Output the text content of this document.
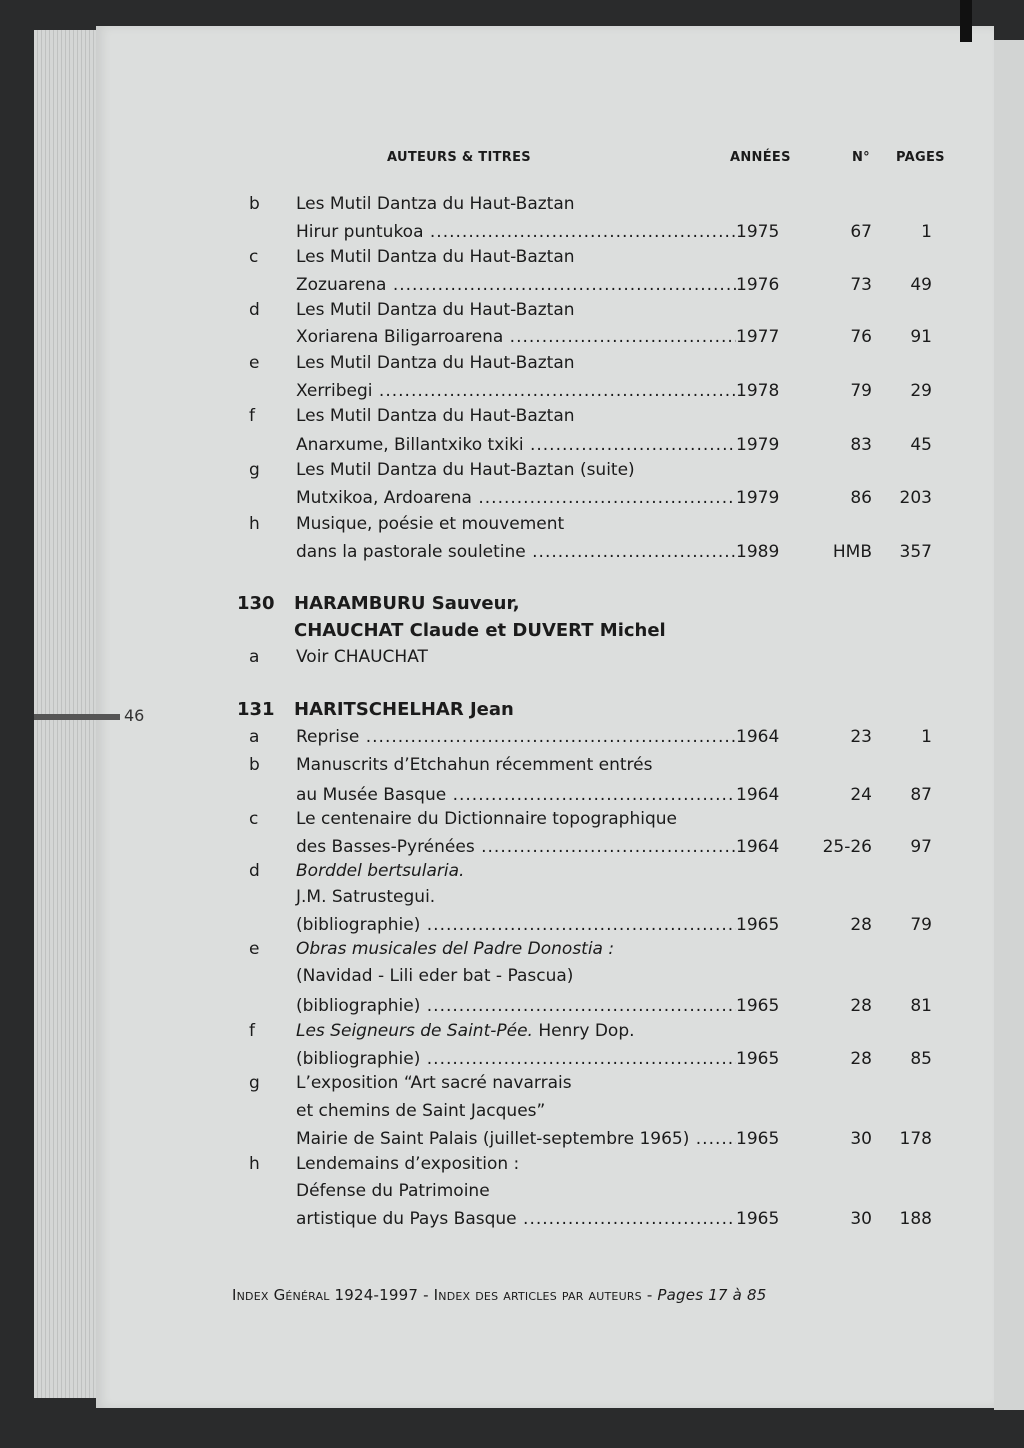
AUTEURS & TITRES	ANNÉES	N° PAGES
b Les Mutil Dantza du Haut-Baztan
Hirur puntukoa .....	1975	67	1
c Les Mutil Dantza du Haut-Baztan
Zozuarena .....	1976	73	49
d Les Mutil Dantza du Haut-Baztan
Xoriarena Biligarroarena .....	1977	76	91
e Les Mutil Dantza du Haut-Baztan
Xerribegi .....	1978	79	29
f Les Mutil Dantza du Haut-Baztan
Anarxume, Billantxiko txiki .....	1979	83	45
g Les Mutil Dantza du Haut-Baztan (suite)
Mutxikoa, Ardoarena .....	1979	86	203
h Musique, poésie et mouvement
dans la pastorale souletine .....	1989	HMB	357
130 HARAMBURU Sauveur,
CHAUCHAT Claude et DUVERT Michel
a Voir CHAUCHAT
46	131 HARITSCHELHAR Jean
a Reprise .....	1964	23	1
b Manuscrits d’Etchahun récemment entrés
au Musée Basque .....	1964	24	87
c Le centenaire du Dictionnaire topographique
des Basses-Pyrénées .....	1964	25-26	97
d Borddel bertsularia.
J.M. Satrustegui.
(bibliographie) .....	1965	28	79
e Obras musicales del Padre Donostia :
(Navidad - Lili eder bat - Pascua)
(bibliographie) .....	1965	28	81
f Les Seigneurs de Saint-Pée. Henry Dop.
(bibliographie) .....	1965	28	85
g L’exposition “Art sacré navarrais
et chemins de Saint Jacques”
Mairie de Saint Palais (juillet-septembre 1965) .....	1965	30	178
h Lendemains d’exposition :
Défense du Patrimoine
artistique du Pays Basque .....	1965	30	188
Index Général 1924-1997 - Index des articles par auteurs - Pages 17 à 85
